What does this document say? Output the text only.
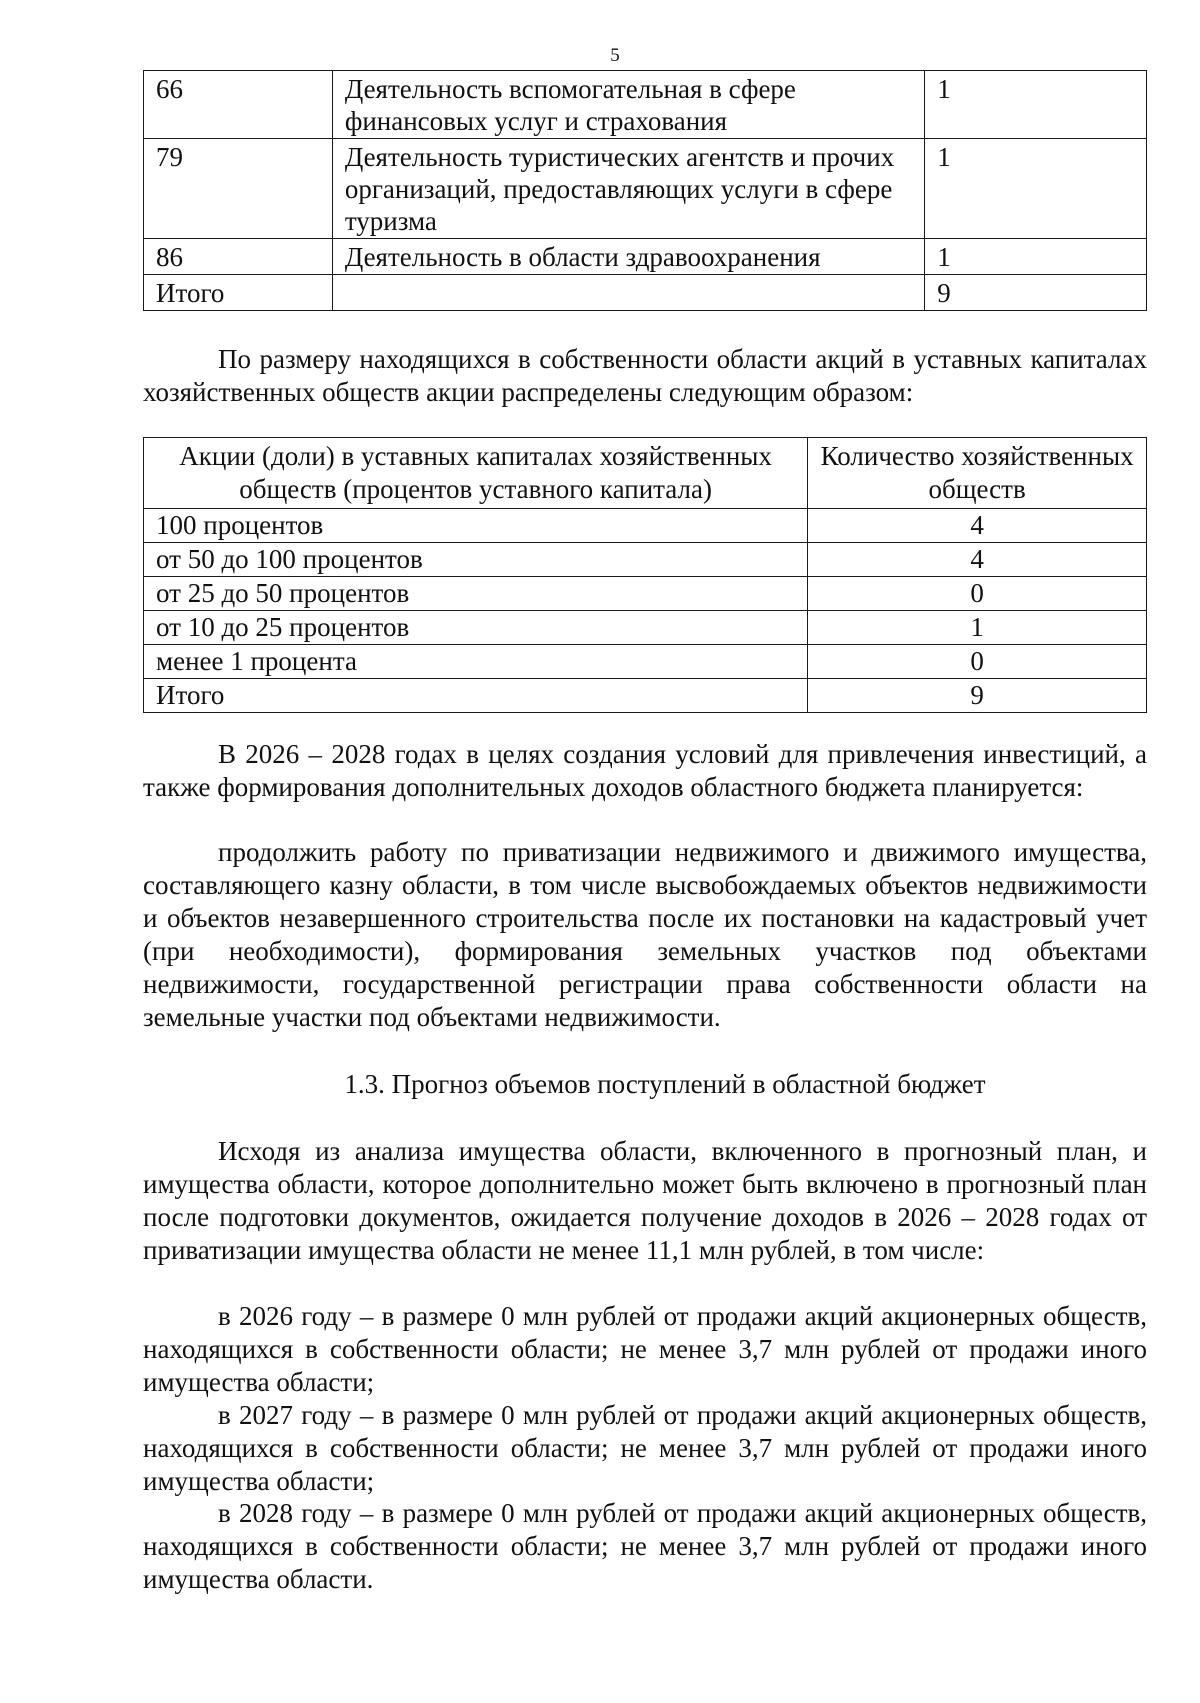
5
66	Деятельность вспомогательная в сфере финансовых услуг и страхования	1
79	Деятельность туристических агентств и прочих организаций, предоставляющих услуги в сфере туризма	1
86	Деятельность в области здравоохранения	1
Итого		9

По размеру находящихся в собственности области акций в уставных капиталах хозяйственных обществ акции распределены следующим образом:

Акции (доли) в уставных капиталах хозяйственных обществ (процентов уставного капитала)	Количество хозяйственных обществ
100 процентов	4
от 50 до 100 процентов	4
от 25 до 50 процентов	0
от 10 до 25 процентов	1
менее 1 процента	0
Итого	9

В 2026 – 2028 годах в целях создания условий для привлечения инвестиций, а также формирования дополнительных доходов областного бюджета планируется:

продолжить работу по приватизации недвижимого и движимого имущества, составляющего казну области, в том числе высвобождаемых объектов недвижимости и объектов незавершенного строительства после их постановки на кадастровый учет (при необходимости), формирования земельных участков под объектами недвижимости, государственной регистрации права собственности области на земельные участки под объектами недвижимости.

1.3. Прогноз объемов поступлений в областной бюджет

Исходя из анализа имущества области, включенного в прогнозный план, и имущества области, которое дополнительно может быть включено в прогнозный план после подготовки документов, ожидается получение доходов в 2026 – 2028 годах от приватизации имущества области не менее 11,1 млн рублей, в том числе:

в 2026 году – в размере 0 млн рублей от продажи акций акционерных обществ, находящихся в собственности области; не менее 3,7 млн рублей от продажи иного имущества области;

в 2027 году – в размере 0 млн рублей от продажи акций акционерных обществ, находящихся в собственности области; не менее 3,7 млн рублей от продажи иного имущества области;

в 2028 году – в размере 0 млн рублей от продажи акций акционерных обществ, находящихся в собственности области; не менее 3,7 млн рублей от продажи иного имущества области.
